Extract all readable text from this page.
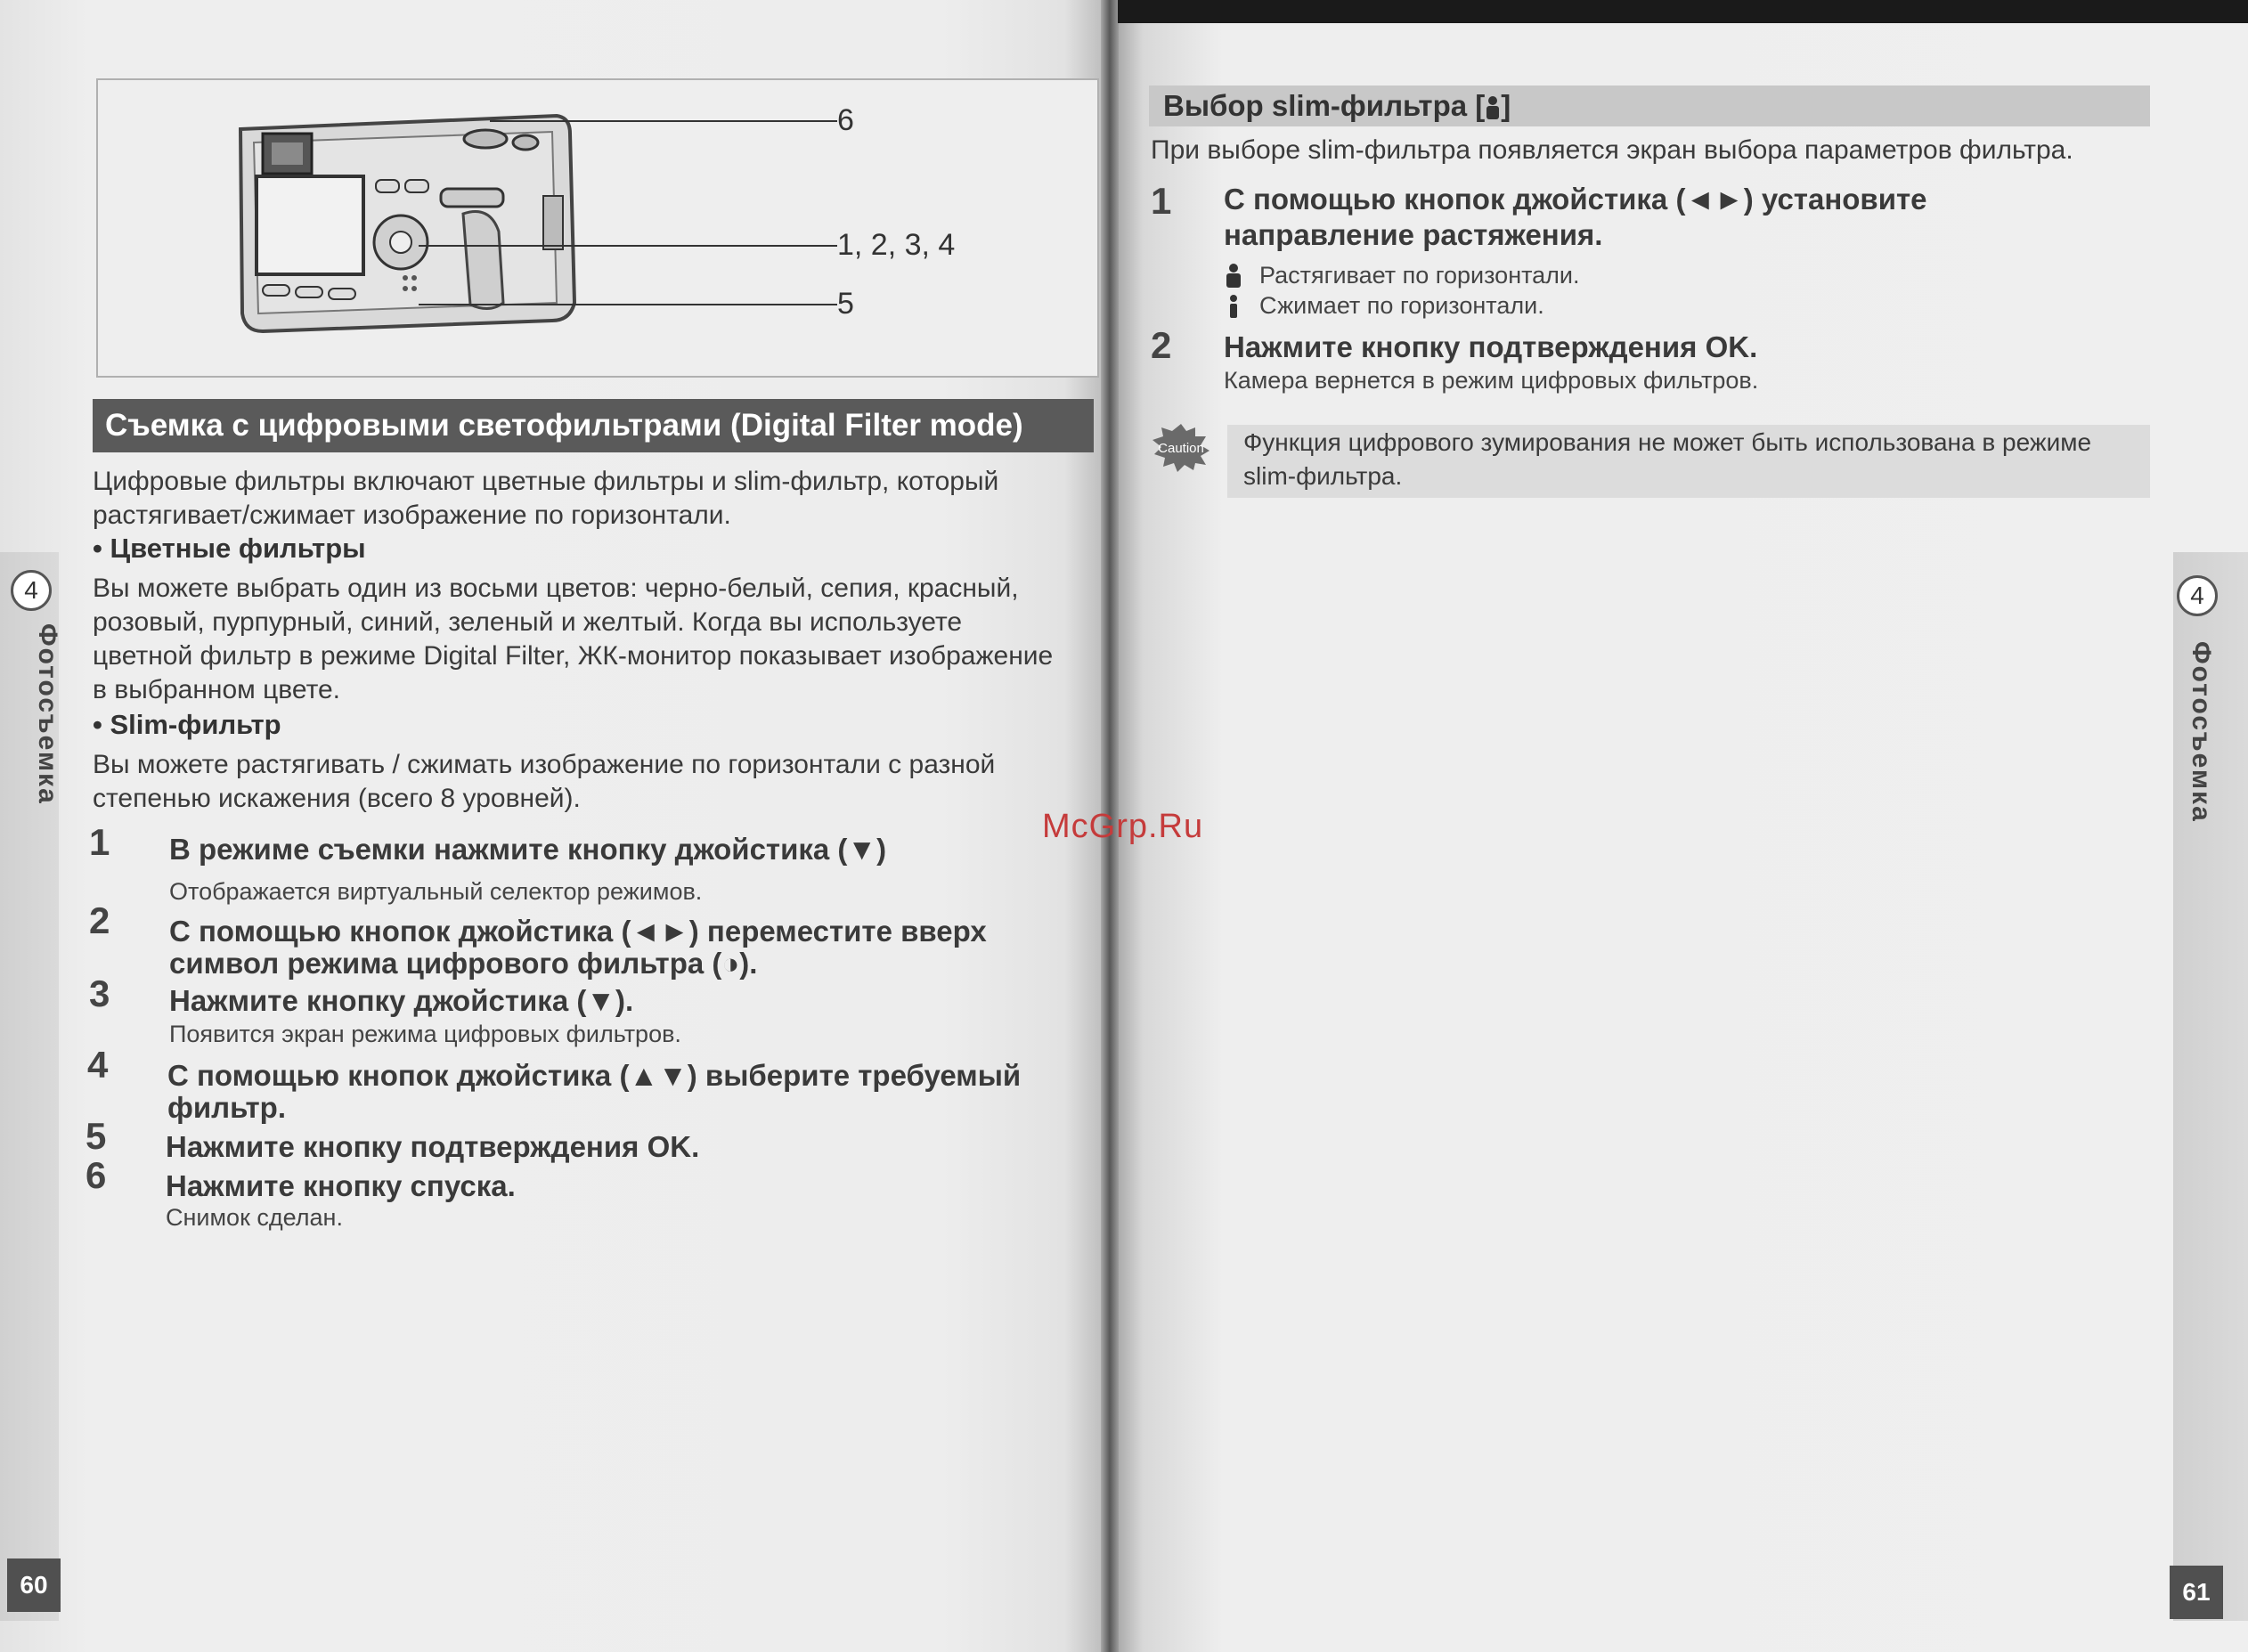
4
Фотосъемка
60
4
Фотосъемка
61
6
1, 2, 3, 4
5
Съемка с цифровыми светофильтрами (Digital Filter mode)
Цифровые фильтры включают цветные фильтры и slim-фильтр, который
растягивает/сжимает изображение по горизонтали.
• Цветные фильтры
Вы можете выбрать один из восьми цветов: черно-белый, сепия, красный,
розовый, пурпурный, синий, зеленый и желтый. Когда вы используете
цветной фильтр в режиме Digital Filter, ЖК-монитор показывает изображение
в выбранном цвете.
• Slim-фильтр
Вы можете растягивать / сжимать изображение по горизонтали с разной
степенью искажения (всего 8 уровней).
1 В режиме съемки нажмите кнопку джойстика (▼)
Отображается виртуальный селектор режимов.
2 С помощью кнопок джойстика (◄►) переместите вверх
символ режима цифрового фильтра (◑).
3 Нажмите кнопку джойстика (▼).
Появится экран режима цифровых фильтров.
4 С помощью кнопок джойстика (▲▼) выберите требуемый
фильтр.
5 Нажмите кнопку подтверждения OK.
6 Нажмите кнопку спуска.
Снимок сделан.
Выбор slim-фильтра [ ]
При выборе slim-фильтра появляется экран выбора параметров фильтра.
1 С помощью кнопок джойстика (◄►) установите
направление растяжения.
Растягивает по горизонтали.
Сжимает по горизонтали.
2 Нажмите кнопку подтверждения OK.
Камера вернется в режим цифровых фильтров.
Caution Функция цифрового зумирования не может быть использована в режиме
slim-фильтра.
McGrp.Ru
